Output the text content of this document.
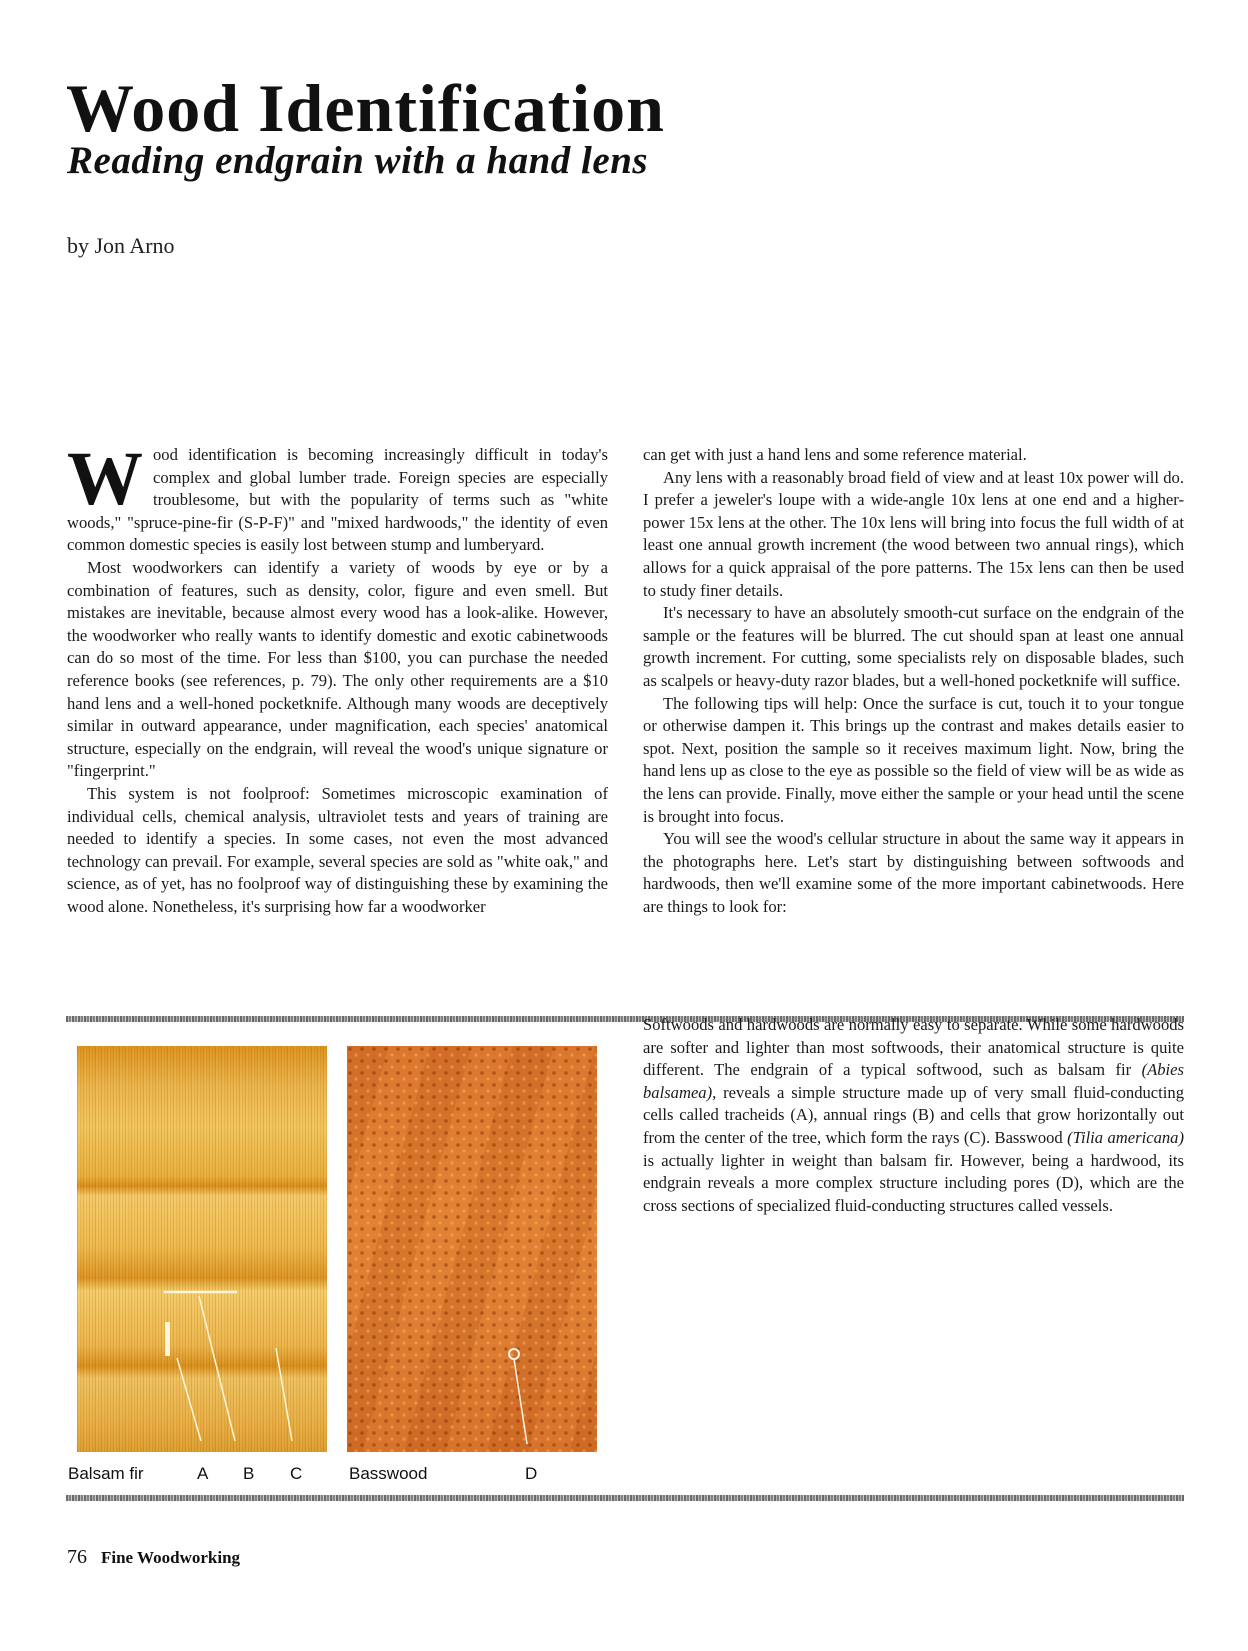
Wood Identification
Reading endgrain with a hand lens

by Jon Arno

Wood identification is becoming increasingly difficult in today's complex and global lumber trade. Foreign species are especially troublesome, but with the popularity of terms such as "white woods," "spruce-pine-fir (S-P-F)" and "mixed hardwoods," the identity of even common domestic species is easily lost between stump and lumberyard.

Most woodworkers can identify a variety of woods by eye or by a combination of features, such as density, color, figure and even smell. But mistakes are inevitable, because almost every wood has a look-alike. However, the woodworker who really wants to identify domestic and exotic cabinetwoods can do so most of the time. For less than $100, you can purchase the needed reference books (see references, p. 79). The only other requirements are a $10 hand lens and a well-honed pocketknife. Although many woods are deceptively similar in outward appearance, under magnification, each species' anatomical structure, especially on the endgrain, will reveal the wood's unique signature or "fingerprint."

This system is not foolproof: Sometimes microscopic examination of individual cells, chemical analysis, ultraviolet tests and years of training are needed to identify a species. In some cases, not even the most advanced technology can prevail. For example, several species are sold as "white oak," and science, as of yet, has no foolproof way of distinguishing these by examining the wood alone. Nonetheless, it's surprising how far a woodworker

can get with just a hand lens and some reference material.

Any lens with a reasonably broad field of view and at least 10x power will do. I prefer a jeweler's loupe with a wide-angle 10x lens at one end and a higher-power 15x lens at the other. The 10x lens will bring into focus the full width of at least one annual growth increment (the wood between two annual rings), which allows for a quick appraisal of the pore patterns. The 15x lens can then be used to study finer details.

It's necessary to have an absolutely smooth-cut surface on the endgrain of the sample or the features will be blurred. The cut should span at least one annual growth increment. For cutting, some specialists rely on disposable blades, such as scalpels or heavy-duty razor blades, but a well-honed pocketknife will suffice.

The following tips will help: Once the surface is cut, touch it to your tongue or otherwise dampen it. This brings up the contrast and makes details easier to spot. Next, position the sample so it receives maximum light. Now, bring the hand lens up as close to the eye as possible so the field of view will be as wide as the lens can provide. Finally, move either the sample or your head until the scene is brought into focus.

You will see the wood's cellular structure in about the same way it appears in the photographs here. Let's start by distinguishing between softwoods and hardwoods, then we'll examine some of the more important cabinetwoods. Here are things to look for:

Balsam fir	A B C	Basswood	D

Softwoods and hardwoods are normally easy to separate. While some hardwoods are softer and lighter than most softwoods, their anatomical structure is quite different. The endgrain of a typical softwood, such as balsam fir (Abies balsamea), reveals a simple structure made up of very small fluid-conducting cells called tracheids (A), annual rings (B) and cells that grow horizontally out from the center of the tree, which form the rays (C). Basswood (Tilia americana) is actually lighter in weight than balsam fir. However, being a hardwood, its endgrain reveals a more complex structure including pores (D), which are the cross sections of specialized fluid-conducting structures called vessels.

76 Fine Woodworking
